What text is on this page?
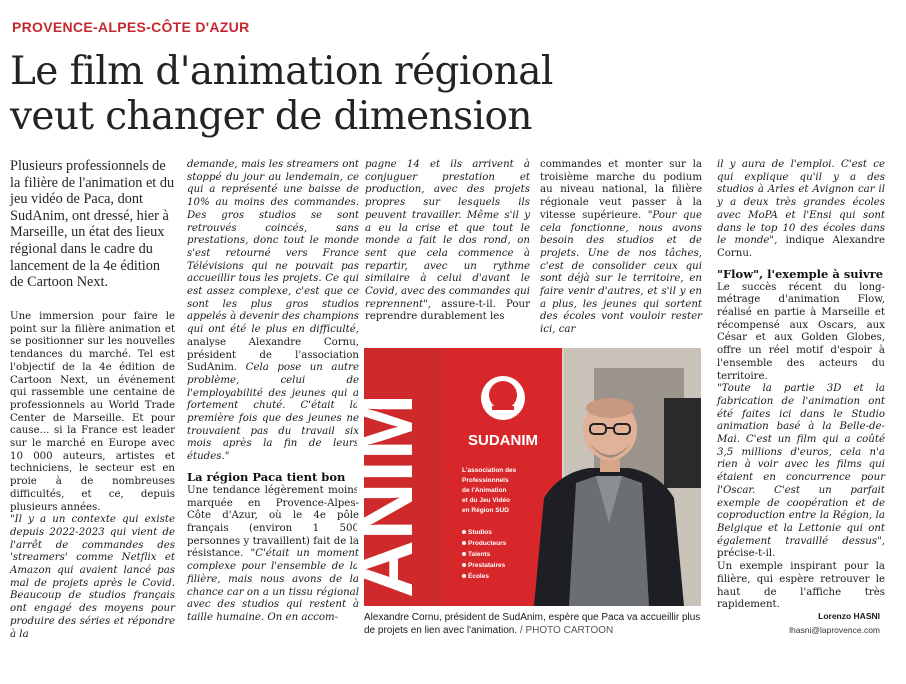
PROVENCE-ALPES-CÔTE D'AZUR
Le film d'animation régional
veut changer de dimension
Plusieurs professionnels de la filière de l'animation et du jeu vidéo de Paca, dont SudAnim, ont dressé, hier à Marseille, un état des lieux régional dans le cadre du lancement de la 4e édition de Cartoon Next.

Une immersion pour faire le point sur la filière animation et se positionner sur les nouvelles tendances du marché. Tel est l'objectif de la 4e édition de Cartoon Next, un événement qui rassemble une centaine de professionnels au World Trade Center de Marseille. Et pour cause... si la France est leader sur le marché en Europe avec 10 000 auteurs, artistes et techniciens, le secteur est en proie à de nombreuses difficultés, et ce, depuis plusieurs années.

"Il y a un contexte qui existe depuis 2022-2023 qui vient de l'arrêt de commandes des 'streamers' comme Netflix et Amazon qui avaient lancé pas mal de projets après le Covid. Beaucoup de studios français ont engagé des moyens pour produire des séries et répondre à la

demande, mais les streamers ont stoppé du jour au lendemain, ce qui a représenté une baisse de 10% au moins des commandes. Des gros studios se sont retrouvés coincés, sans prestations, donc tout le monde s'est retourné vers France Télévisions qui ne pouvait pas accueillir tous les projets. Ce qui est assez complexe, c'est que ce sont les plus gros studios appelés à devenir des champions qui ont été le plus en difficulté, analyse Alexandre Cornu, président de l'association SudAnim. Cela pose un autre problème, celui de l'employabilité des jeunes qui a fortement chuté. C'était la première fois que des jeunes ne trouvaient pas du travail six mois après la fin de leurs études."

La région Paca tient bon

Une tendance légèrement moins marquée en Provence-Alpes-Côte d'Azur, où le 4e pôle français (environ 1 500 personnes y travaillent) fait de la résistance. "C'était un moment complexe pour l'ensemble de la filière, mais nous avons de la chance car on a un tissu régional avec des studios qui restent à taille humaine. On en accom-

pagne 14 et ils arrivent à conjuguer prestation et production, avec des projets propres sur lesquels ils peuvent travailler. Même s'il y a eu la crise et que tout le monde a fait le dos rond, on sent que cela commence à repartir, avec un rythme similaire à celui d'avant le Covid, avec des commandes qui reprennent", assure-t-il. Pour reprendre durablement les

commandes et monter sur la troisième marche du podium au niveau national, la filière régionale veut passer à la vitesse supérieure. "Pour que cela fonctionne, nous avons besoin des studios et de projets. Une de nos tâches, c'est de consolider ceux qui sont déjà sur le territoire, en faire venir d'autres, et s'il y en a plus, les jeunes qui sortent des écoles vont vouloir rester ici, car

il y aura de l'emploi. C'est ce qui explique qu'il y a des studios à Arles et Avignon car il y a deux très grandes écoles avec MoPA et l'Ensi qui sont dans le top 10 des écoles dans le monde", indique Alexandre Cornu.

"Flow", l'exemple à suivre

Le succès récent du long-métrage d'animation Flow, réalisé en partie à Marseille et récompensé aux Oscars, aux César et aux Golden Globes, offre un réel motif d'espoir à l'ensemble des acteurs du territoire.

"Toute la partie 3D et la fabrication de l'animation ont été faites ici dans le Studio animation basé à la Belle-de-Mai. C'est un film qui a coûté 3,5 millions d'euros, cela n'a rien à voir avec les films qui étaient en concurrence pour l'Oscar. C'est un parfait exemple de coopération et de coproduction entre la Région, la Belgique et la Lettonie qui ont également travaillé dessus", précise-t-il.

Un exemple inspirant pour la filière, qui espère retrouver le haut de l'affiche très rapidement.

ANIM	SUDANIM
L'association des
Professionnels
de l'Animation
et du Jeu Vidéo
en Région SUD
Studios
Producteurs
Talents
Prestataires
Écoles
Alexandre Cornu, président de SudAnim, espère que Paca va accueillir plus de projets en lien avec l'animation. / PHOTO CARTOON
Lorenzo HASNI
lhasni@laprovence.com
